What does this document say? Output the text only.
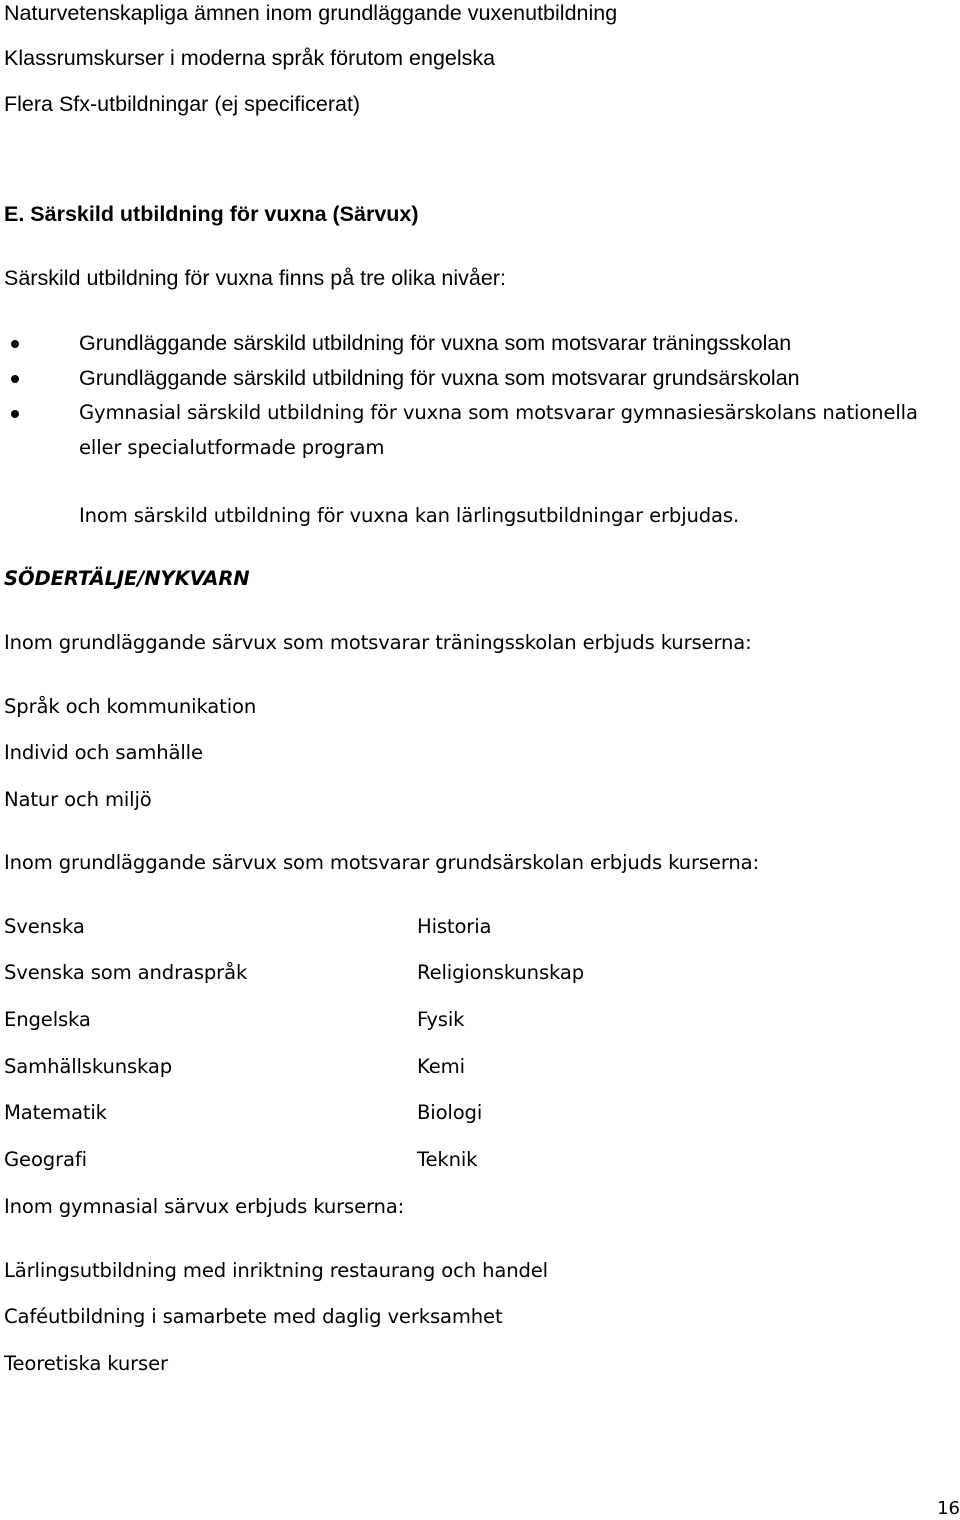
Naturvetenskapliga ämnen inom grundläggande vuxenutbildning
Klassrumskurser i moderna språk förutom engelska
Flera Sfx-utbildningar (ej specificerat)
E. Särskild utbildning för vuxna (Särvux)
Särskild utbildning för vuxna finns på tre olika nivåer:
Grundläggande särskild utbildning för vuxna som motsvarar träningsskolan
Grundläggande särskild utbildning för vuxna som motsvarar grundsärskolan
Gymnasial särskild utbildning för vuxna som motsvarar gymnasiesärskolans nationella
eller specialutformade program
Inom särskild utbildning för vuxna kan lärlingsutbildningar erbjudas.
SÖDERTÄLJE/NYKVARN
Inom grundläggande särvux som motsvarar träningsskolan erbjuds kurserna:
Språk och kommunikation
Individ och samhälle
Natur och miljö
Inom grundläggande särvux som motsvarar grundsärskolan erbjuds kurserna:
Svenska
Svenska som andraspråk
Engelska
Samhällskunskap
Matematik
Geografi
Historia
Religionskunskap
Fysik
Kemi
Biologi
Teknik
Inom gymnasial särvux erbjuds kurserna:
Lärlingsutbildning med inriktning restaurang och handel
Caféutbildning i samarbete med daglig verksamhet
Teoretiska kurser
16
